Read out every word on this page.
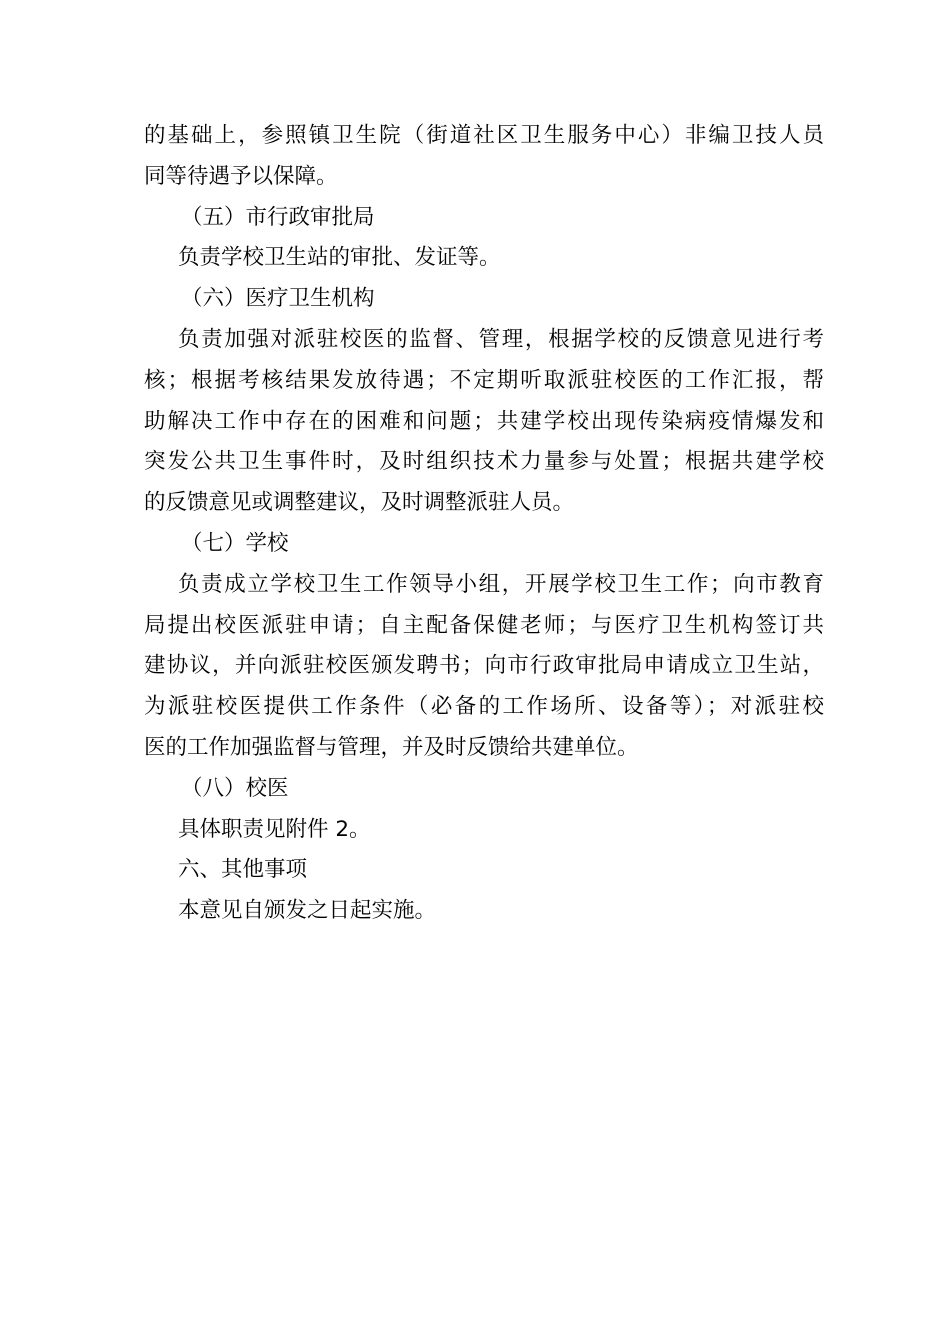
的基础上，参照镇卫生院（街道社区卫生服务中心）非编卫技人员
同等待遇予以保障。
（五）市行政审批局
负责学校卫生站的审批、发证等。
（六）医疗卫生机构
负责加强对派驻校医的监督、管理，根据学校的反馈意见进行考
核；根据考核结果发放待遇；不定期听取派驻校医的工作汇报，帮
助解决工作中存在的困难和问题；共建学校出现传染病疫情爆发和
突发公共卫生事件时，及时组织技术力量参与处置；根据共建学校
的反馈意见或调整建议，及时调整派驻人员。
（七）学校
负责成立学校卫生工作领导小组，开展学校卫生工作；向市教育
局提出校医派驻申请；自主配备保健老师；与医疗卫生机构签订共
建协议，并向派驻校医颁发聘书；向市行政审批局申请成立卫生站，
为派驻校医提供工作条件（必备的工作场所、设备等）；对派驻校
医的工作加强监督与管理，并及时反馈给共建单位。
（八）校医
具体职责见附件 2。
六、其他事项
本意见自颁发之日起实施。
